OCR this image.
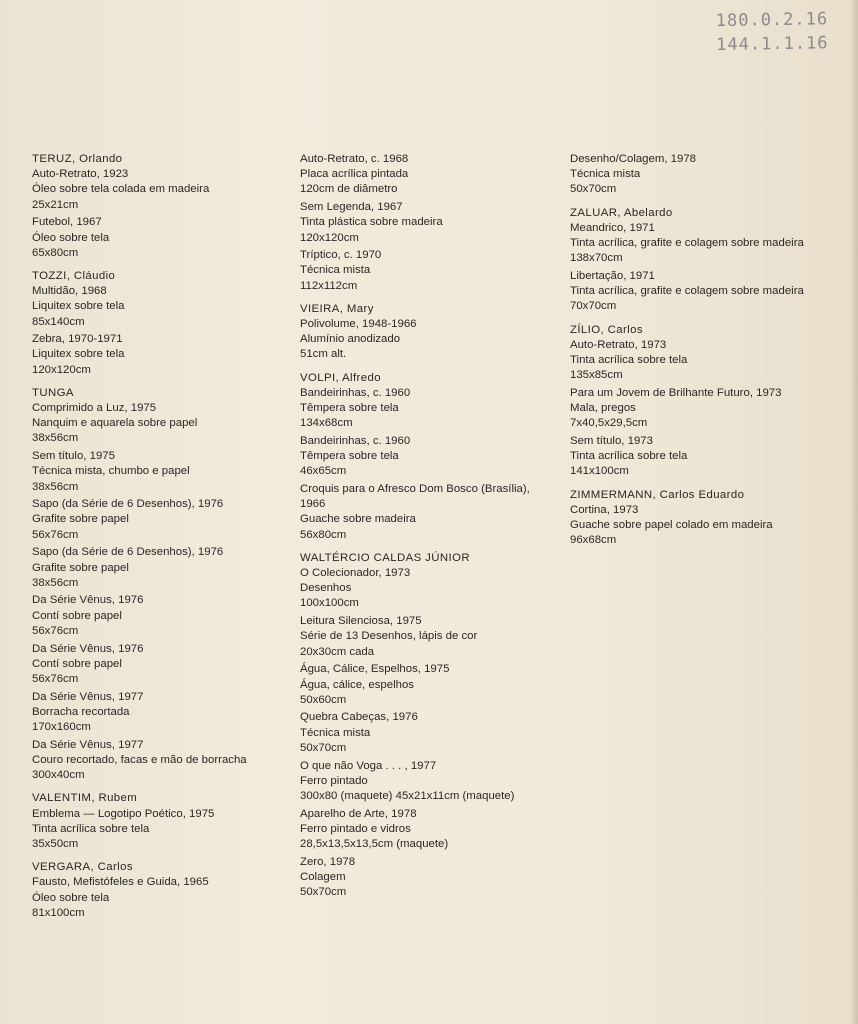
180.0.2.16
144.1.1.16
TERUZ, Orlando
Auto-Retrato, 1923
Óleo sobre tela colada em madeira
25x21cm
Futebol, 1967
Óleo sobre tela
65x80cm
TOZZI, Cláudio
Multidão, 1968
Liquitex sobre tela
85x140cm
Zebra, 1970-1971
Liquitex sobre tela
120x120cm
TUNGA
Comprimido a Luz, 1975
Nanquim e aquarela sobre papel
38x56cm
Sem título, 1975
Técnica mista, chumbo e papel
38x56cm
Sapo (da Série de 6 Desenhos), 1976
Grafite sobre papel
56x76cm
Sapo (da Série de 6 Desenhos), 1976
Grafite sobre papel
38x56cm
Da Série Vênus, 1976
Contí sobre papel
56x76cm
Da Série Vênus, 1976
Contí sobre papel
56x76cm
Da Série Vênus, 1977
Borracha recortada
170x160cm
Da Série Vênus, 1977
Couro recortado, facas e mão de borracha
300x40cm
VALENTIM, Rubem
Emblema — Logotipo Poético, 1975
Tinta acrílica sobre tela
35x50cm
VERGARA, Carlos
Fausto, Mefistófeles e Guida, 1965
Óleo sobre tela
81x100cm
Auto-Retrato, c. 1968
Placa acrílica pintada
120cm de diâmetro
Sem Legenda, 1967
Tinta plástica sobre madeira
120x120cm
Tríptico, c. 1970
Técnica mista
112x112cm
VIEIRA, Mary
Polivolume, 1948-1966
Alumínio anodizado
51cm alt.
VOLPI, Alfredo
Bandeirinhas, c. 1960
Têmpera sobre tela
134x68cm
Bandeirinhas, c. 1960
Têmpera sobre tela
46x65cm
Croquis para o Afresco Dom Bosco (Brasília),
1966
Guache sobre madeira
56x80cm
WALTÉRCIO CALDAS JÚNIOR
O Colecionador, 1973
Desenhos
100x100cm
Leitura Silenciosa, 1975
Série de 13 Desenhos, lápis de cor
20x30cm cada
Água, Cálice, Espelhos, 1975
Água, cálice, espelhos
50x60cm
Quebra Cabeças, 1976
Técnica mista
50x70cm
O que não Voga . . . , 1977
Ferro pintado
300x80 (maquete) 45x21x11cm (maquete)
Aparelho de Arte, 1978
Ferro pintado e vidros
28,5x13,5x13,5cm (maquete)
Zero, 1978
Colagem
50x70cm
Desenho/Colagem, 1978
Técnica mista
50x70cm
ZALUAR, Abelardo
Meandrico, 1971
Tinta acrílica, grafite e colagem sobre madeira
138x70cm
Libertação, 1971
Tinta acrílica, grafite e colagem sobre madeira
70x70cm
ZÍLIO, Carlos
Auto-Retrato, 1973
Tinta acrílica sobre tela
135x85cm
Para um Jovem de Brilhante Futuro, 1973
Mala, pregos
7x40,5x29,5cm
Sem título, 1973
Tinta acrílica sobre tela
141x100cm
ZIMMERMANN, Carlos Eduardo
Cortina, 1973
Guache sobre papel colado em madeira
96x68cm
